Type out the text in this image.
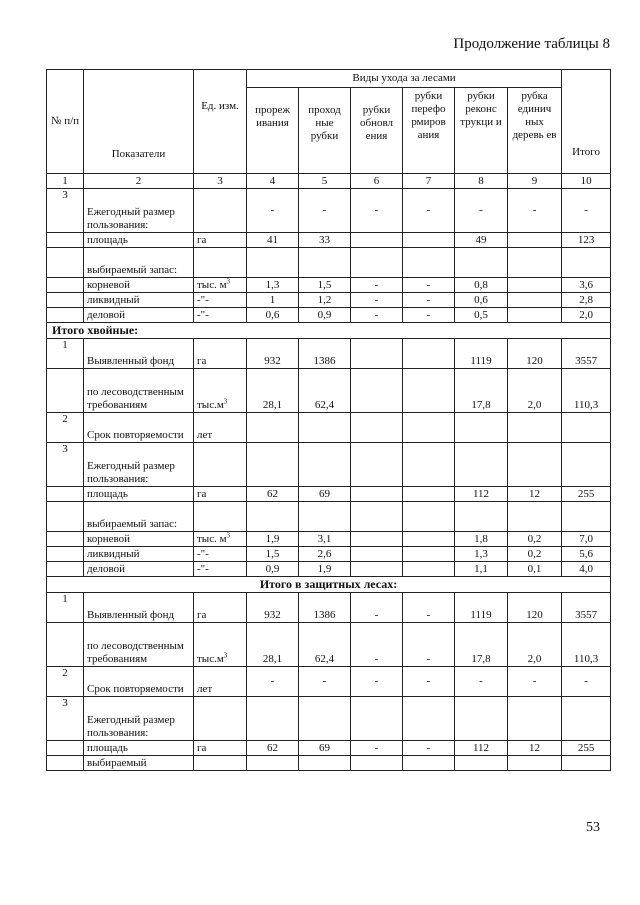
Продолжение таблицы 8
№ п/п	Показатели	Ед. изм.	Виды ухода за лесами						Итого
			прореж ивания	проход ные рубки	рубки обновл ения	рубки перефо рмиров ания	рубки реконс трукци и	рубка единич ных деревь ев	
1	2	3	4	5	6	7	8	9	10
3	Ежегодный размер пользования:		-	-	-	-	-	-	-
	площадь	га	41	33			49		123
	выбираемый запас:								
	корневой	тыс. $м^3$	1,3	1,5	-	-	0,8		3,6
	ликвидный	-"-	1	1,2	-	-	0,6		2,8
	деловой	-"-	0,6	0,9	-	-	0,5		2,0
Итого хвойные:									
1	Выявленный фонд	га	932	1386			1119	120	3557
	по лесоводственным требованиям	$тыс.м^3$	28,1	62,4			17,8	2,0	110,3
2	Срок повторяемости	лет							
3	Ежегодный размер пользования:								
	площадь	га	62	69			112	12	255
	выбираемый запас:								
	корневой	тыс. $м^3$	1,9	3,1			1,8	0,2	7,0
	ликвидный	-"-	1,5	2,6			1,3	0,2	5,6
	деловой	-"-	0,9	1,9			1,1	0,1	4,0
Итого в защитных лесах:									
1	Выявленный фонд	га	932	1386	-	-	1119	120	3557
	по лесоводственным требованиям	$тыс.м^3$	28,1	62,4	-	-	17,8	2,0	110,3
2	Срок повторяемости	лет	-	-	-	-	-	-	-
3	Ежегодный размер пользования:								
	площадь	га	62	69	-	-	112	12	255
	выбираемый								
53
